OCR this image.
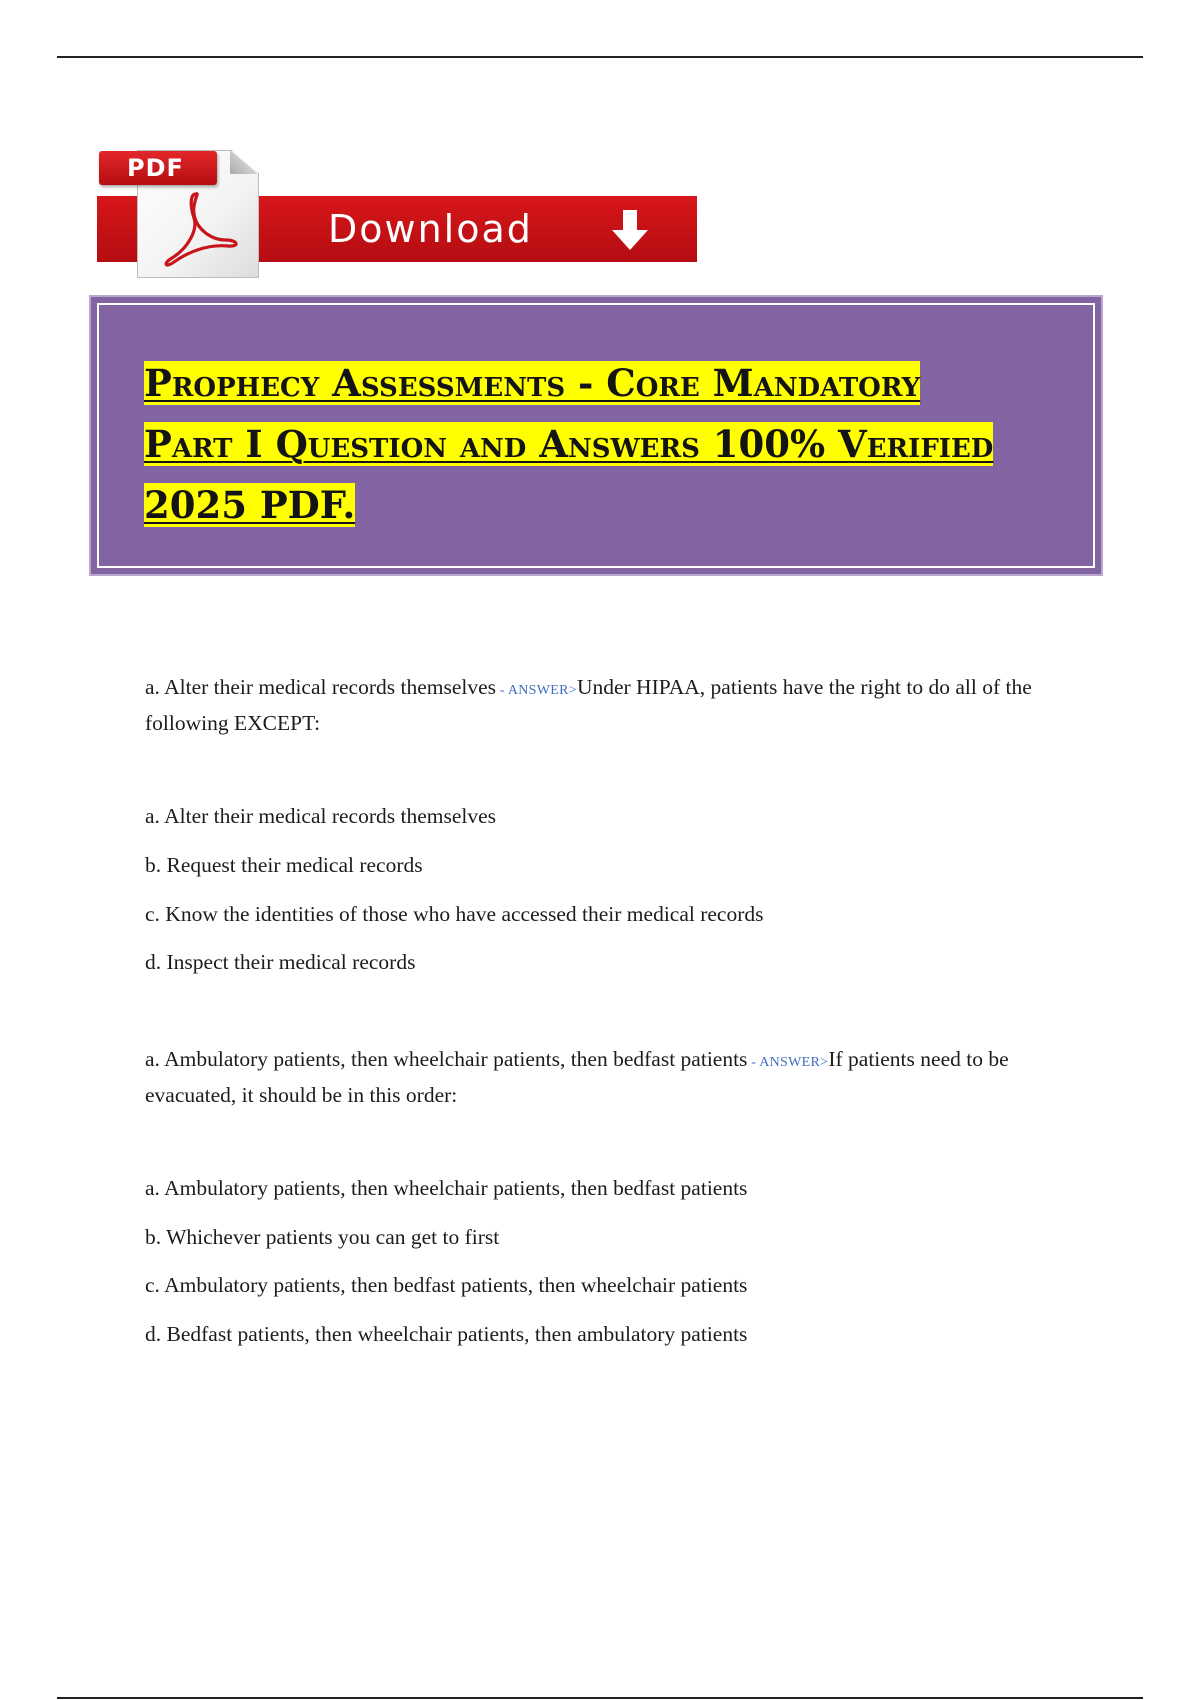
PDF
Download
Prophecy Assessments - Core Mandatory
Part I Question and Answers 100% Verified
2025 PDF.

a. Alter their medical records themselves - ANSWER>Under HIPAA, patients have the right to do all of the following EXCEPT:

a. Alter their medical records themselves

b. Request their medical records

c. Know the identities of those who have accessed their medical records

d. Inspect their medical records

a. Ambulatory patients, then wheelchair patients, then bedfast patients - ANSWER>If patients need to be evacuated, it should be in this order:

a. Ambulatory patients, then wheelchair patients, then bedfast patients

b. Whichever patients you can get to first

c. Ambulatory patients, then bedfast patients, then wheelchair patients

d. Bedfast patients, then wheelchair patients, then ambulatory patients
